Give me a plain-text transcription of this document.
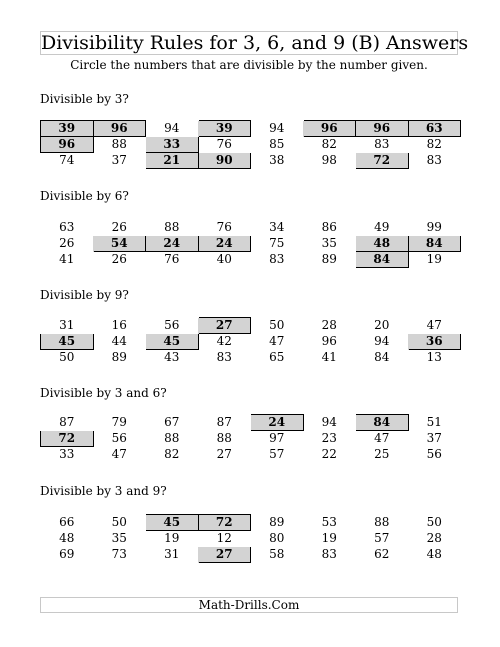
Divisibility Rules for 3, 6, and 9 (B) Answers
Circle the numbers that are divisible by the number given.
Divisible by 3?
39	96	94	39	94	96	96	63
96	88	33	76	85	82	83	82
74	37	21	90	38	98	72	83
Divisible by 6?
63	26	88	76	34	86	49	99
26	54	24	24	75	35	48	84
41	26	76	40	83	89	84	19
Divisible by 9?
31	16	56	27	50	28	20	47
45	44	45	42	47	96	94	36
50	89	43	83	65	41	84	13
Divisible by 3 and 6?
87	79	67	87	24	94	84	51
72	56	88	88	97	23	47	37
33	47	82	27	57	22	25	56
Divisible by 3 and 9?
66	50	45	72	89	53	88	50
48	35	19	12	80	19	57	28
69	73	31	27	58	83	62	48
Math-Drills.Com
